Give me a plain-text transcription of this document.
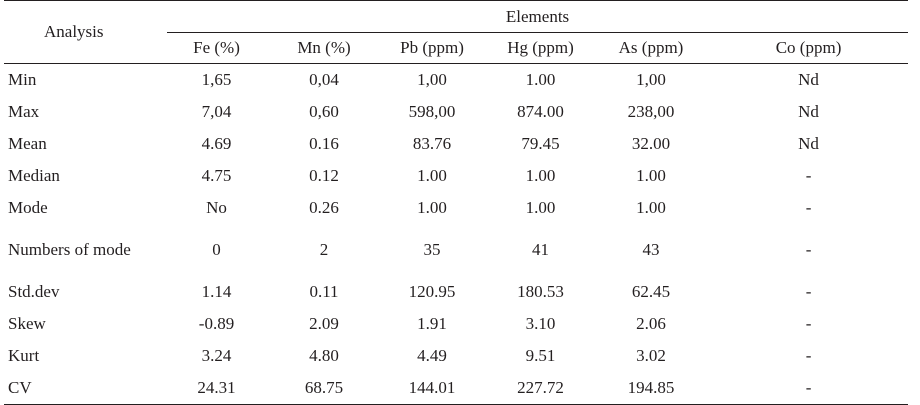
Analysis	Elements					

	Fe (%)	Mn (%)	Pb (ppm)	Hg (ppm)	As (ppm)	Co (ppm)
Min	1,65	0,04	1,00	1.00	1,00	Nd
Max	7,04	0,60	598,00	874.00	238,00	Nd
Mean	4.69	0.16	83.76	79.45	32.00	Nd
Median	4.75	0.12	1.00	1.00	1.00	-
Mode	No	0.26	1.00	1.00	1.00	-
Numbers of mode	0	2	35	41	43	-
Std.dev	1.14	0.11	120.95	180.53	62.45	-
Skew	-0.89	2.09	1.91	3.10	2.06	-
Kurt	3.24	4.80	4.49	9.51	3.02	-
CV	24.31	68.75	144.01	227.72	194.85	-
